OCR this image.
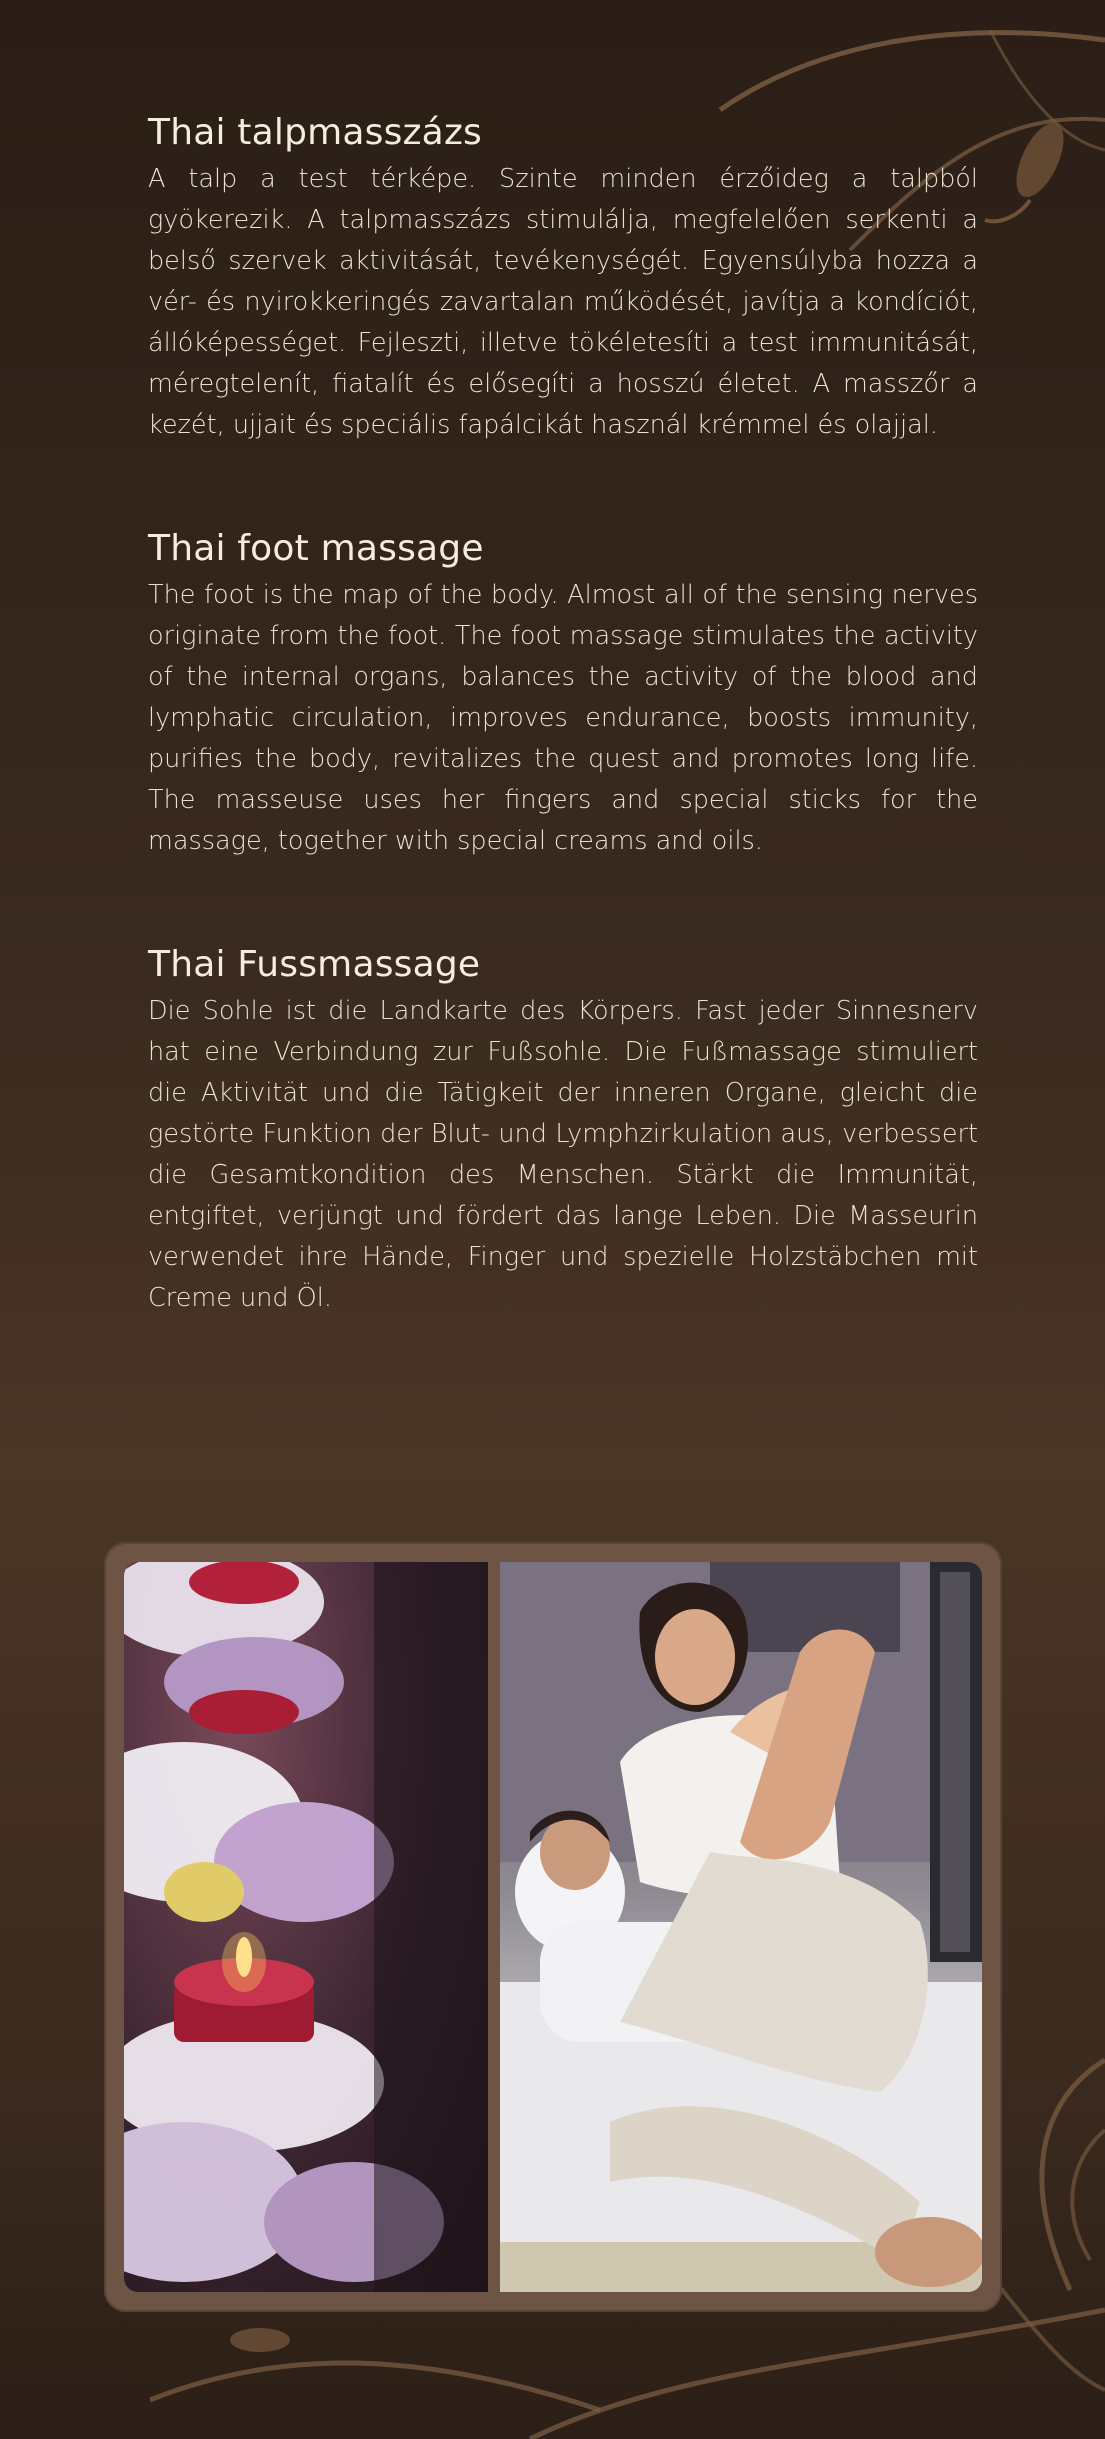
Thai talpmasszázs

A talp a test térképe. Szinte minden érzőideg a talpból gyökerezik. A talpmasszázs stimulálja, megfelelően serkenti a belső szervek aktivitását, tevékenységét. Egyensúlyba hozza a vér- és nyirokkeringés zavartalan működését, javítja a kondíciót, állóképességet. Fejleszti, illetve tökéletesíti a test immunitását, méregtelenít, fiatalít és elősegíti a hosszú életet. A masszőr a kezét, ujjait és speciális fapálcikát használ krémmel és olajjal.

Thai foot massage

The foot is the map of the body. Almost all of the sensing nerves originate from the foot. The foot massage stimulates the activity of the internal organs, balances the activity of the blood and lymphatic circulation, improves endurance, boosts immunity, purifies the body, revitalizes the quest and promotes long life. The masseuse uses her fingers and special sticks for the massage, together with special creams and oils.

Thai Fussmassage

Die Sohle ist die Landkarte des Körpers. Fast jeder Sinnesnerv hat eine Verbindung zur Fußsohle. Die Fußmassage stimuliert die Aktivität und die Tätigkeit der inneren Organe, gleicht die gestörte Funktion der Blut- und Lymphzirkulation aus, verbessert die Gesamtkondition des Menschen. Stärkt die Immunität, entgiftet, verjüngt und fördert das lange Leben. Die Masseurin verwendet ihre Hände, Finger und spezielle Holzstäbchen mit Creme und Öl.
